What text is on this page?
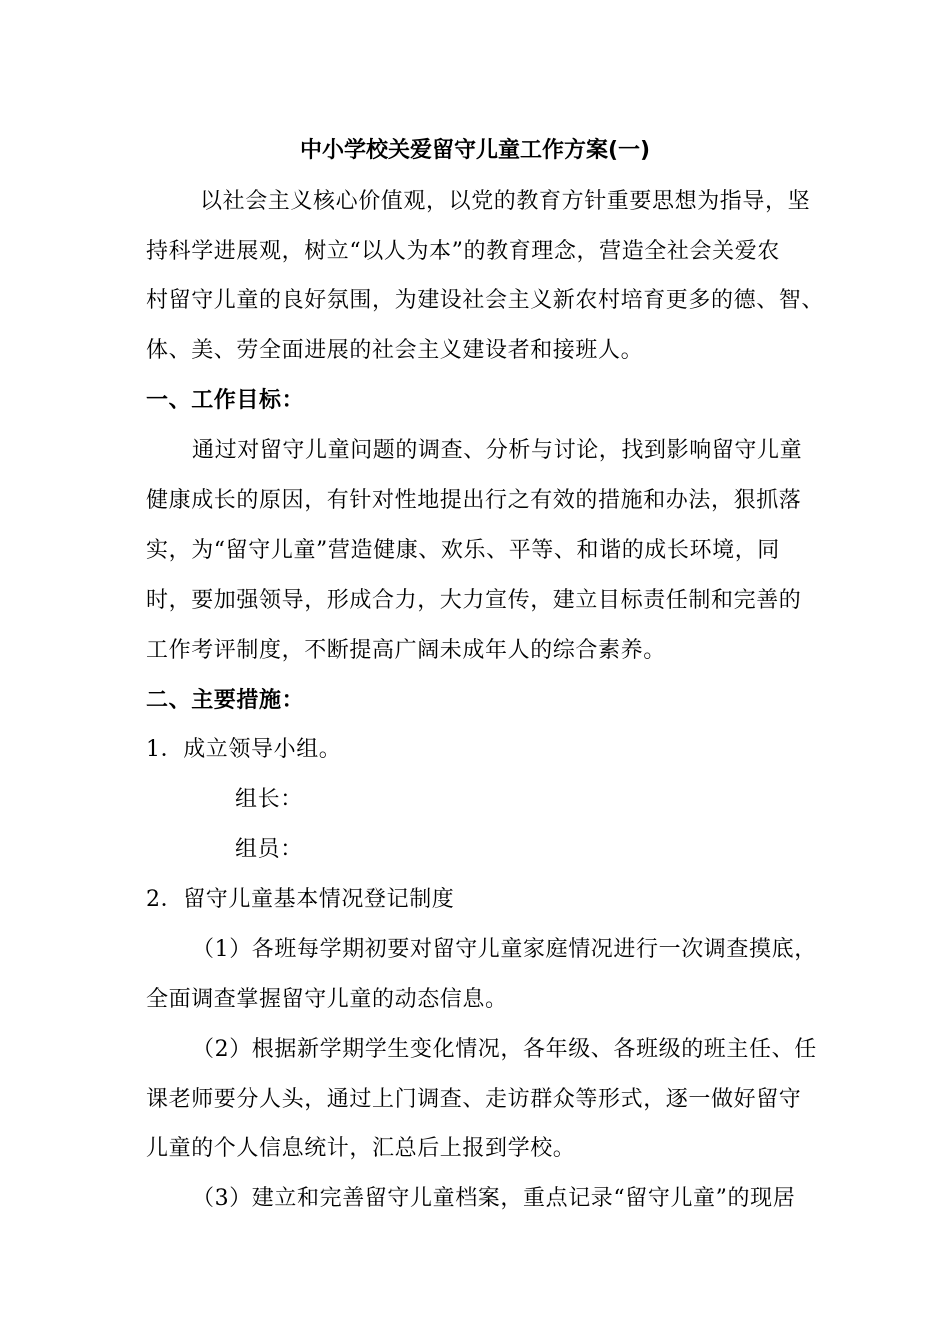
中小学校关爱留守儿童工作方案(一)
以社会主义核心价值观，以党的教育方针重要思想为指导，坚
持科学进展观，树立“以人为本”的教育理念，营造全社会关爱农
村留守儿童的良好氛围，为建设社会主义新农村培育更多的德、智、
体、美、劳全面进展的社会主义建设者和接班人。
一、工作目标：
通过对留守儿童问题的调查、分析与讨论，找到影响留守儿童
健康成长的原因，有针对性地提出行之有效的措施和办法，狠抓落
实，为“留守儿童”营造健康、欢乐、平等、和谐的成长环境，同
时，要加强领导，形成合力，大力宣传，建立目标责任制和完善的
工作考评制度，不断提高广阔未成年人的综合素养。
二、主要措施：
1．成立领导小组。
组长：
组员：
2．留守儿童基本情况登记制度
（1）各班每学期初要对留守儿童家庭情况进行一次调查摸底，
全面调查掌握留守儿童的动态信息。
（2）根据新学期学生变化情况，各年级、各班级的班主任、任
课老师要分人头，通过上门调查、走访群众等形式，逐一做好留守
儿童的个人信息统计，汇总后上报到学校。
（3）建立和完善留守儿童档案，重点记录“留守儿童”的现居
